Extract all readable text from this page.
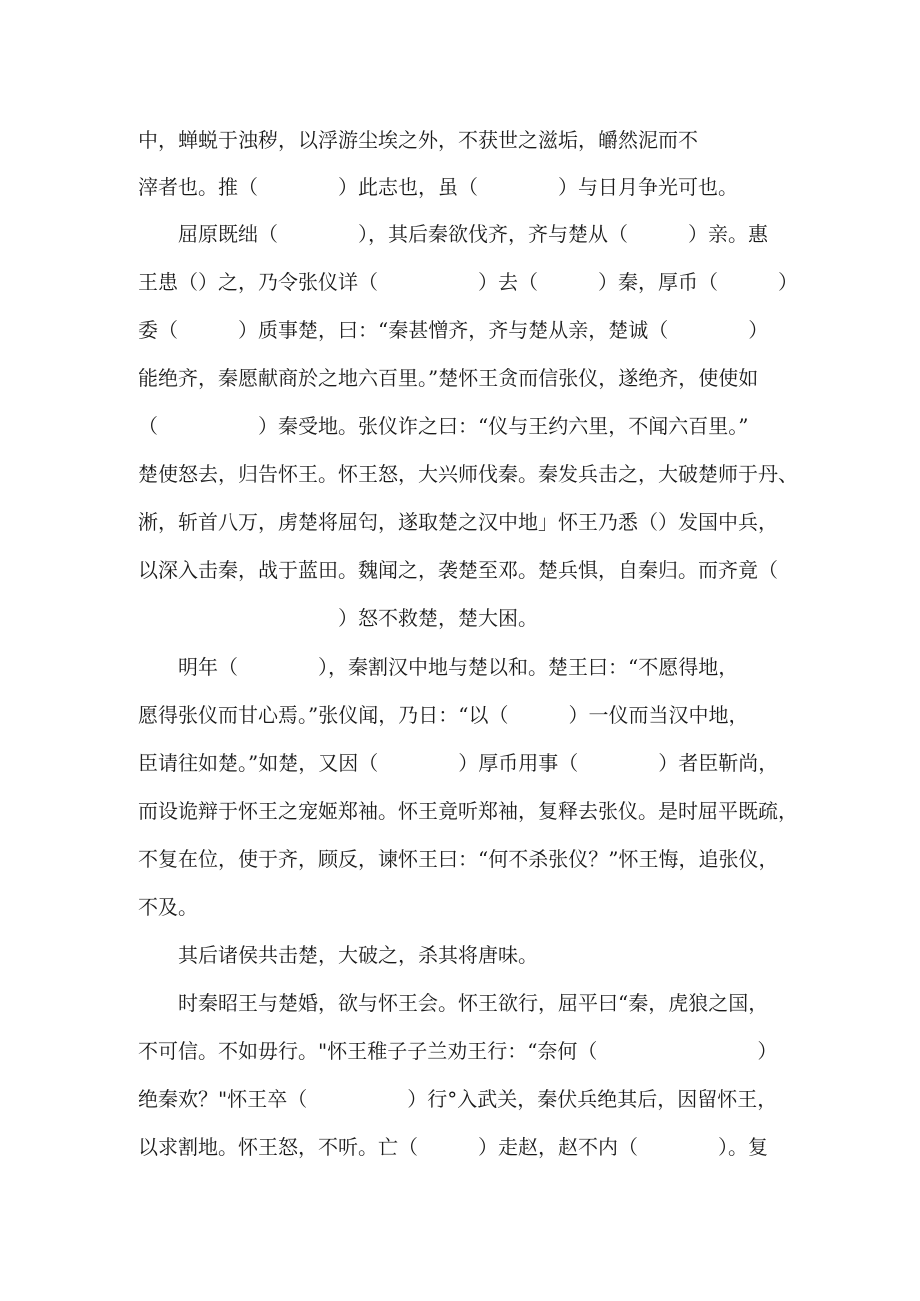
中，蝉蜕于浊秽，以浮游尘埃之外，不获世之滋垢，皭然泥而不
滓者也。推（　　　　）此志也，虽（　　　　）与日月争光可也。
　　屈原既绌（　　　　），其后秦欲伐齐，齐与楚从（　　　）亲。惠
王患（）之，乃令张仪详（　　　　　）去（　　　）秦，厚币（　　　）
委（　　　）质事楚，曰：“秦甚憎齐，齐与楚从亲，楚诚（　　　　）
能绝齐，秦愿献商於之地六百里。”楚怀王贪而信张仪，遂绝齐，使使如
（　　　　　）秦受地。张仪诈之曰：“仪与王约六里，不闻六百里。”
楚使怒去，归告怀王。怀王怒，大兴师伐秦。秦发兵击之，大破楚师于丹、
淅，斩首八万，虏楚将屈匄，遂取楚之汉中地」怀王乃悉（）发国中兵，
以深入击秦，战于蓝田。魏闻之，袭楚至邓。楚兵惧，自秦归。而齐竟（
　　　　　　　　　　）怒不救楚，楚大困。
　　明年（　　　　），秦割汉中地与楚以和。楚王曰：“不愿得地，
愿得张仪而甘心焉。”张仪闻，乃日：“以（　　　）一仪而当汉中地，
臣请往如楚。”如楚，又因（　　　　）厚币用事（　　　　）者臣靳尚，
而设诡辩于怀王之宠姬郑袖。怀王竟听郑袖，复释去张仪。是时屈平既疏，
不复在位，使于齐，顾反，谏怀王曰：“何不杀张仪？”怀王悔，追张仪，
不及。
　　其后诸侯共击楚，大破之，杀其将唐味。
　　时秦昭王与楚婚，欲与怀王会。怀王欲行，屈平曰“秦，虎狼之国，
不可信。不如毋行。"怀王稚子子兰劝王行：“奈何（　　　　　　　　）
绝秦欢？"怀王卒（　　　　　）行°入武关，秦伏兵绝其后，因留怀王，
以求割地。怀王怒，不听。亡（　　　）走赵，赵不内（　　　　）。复
